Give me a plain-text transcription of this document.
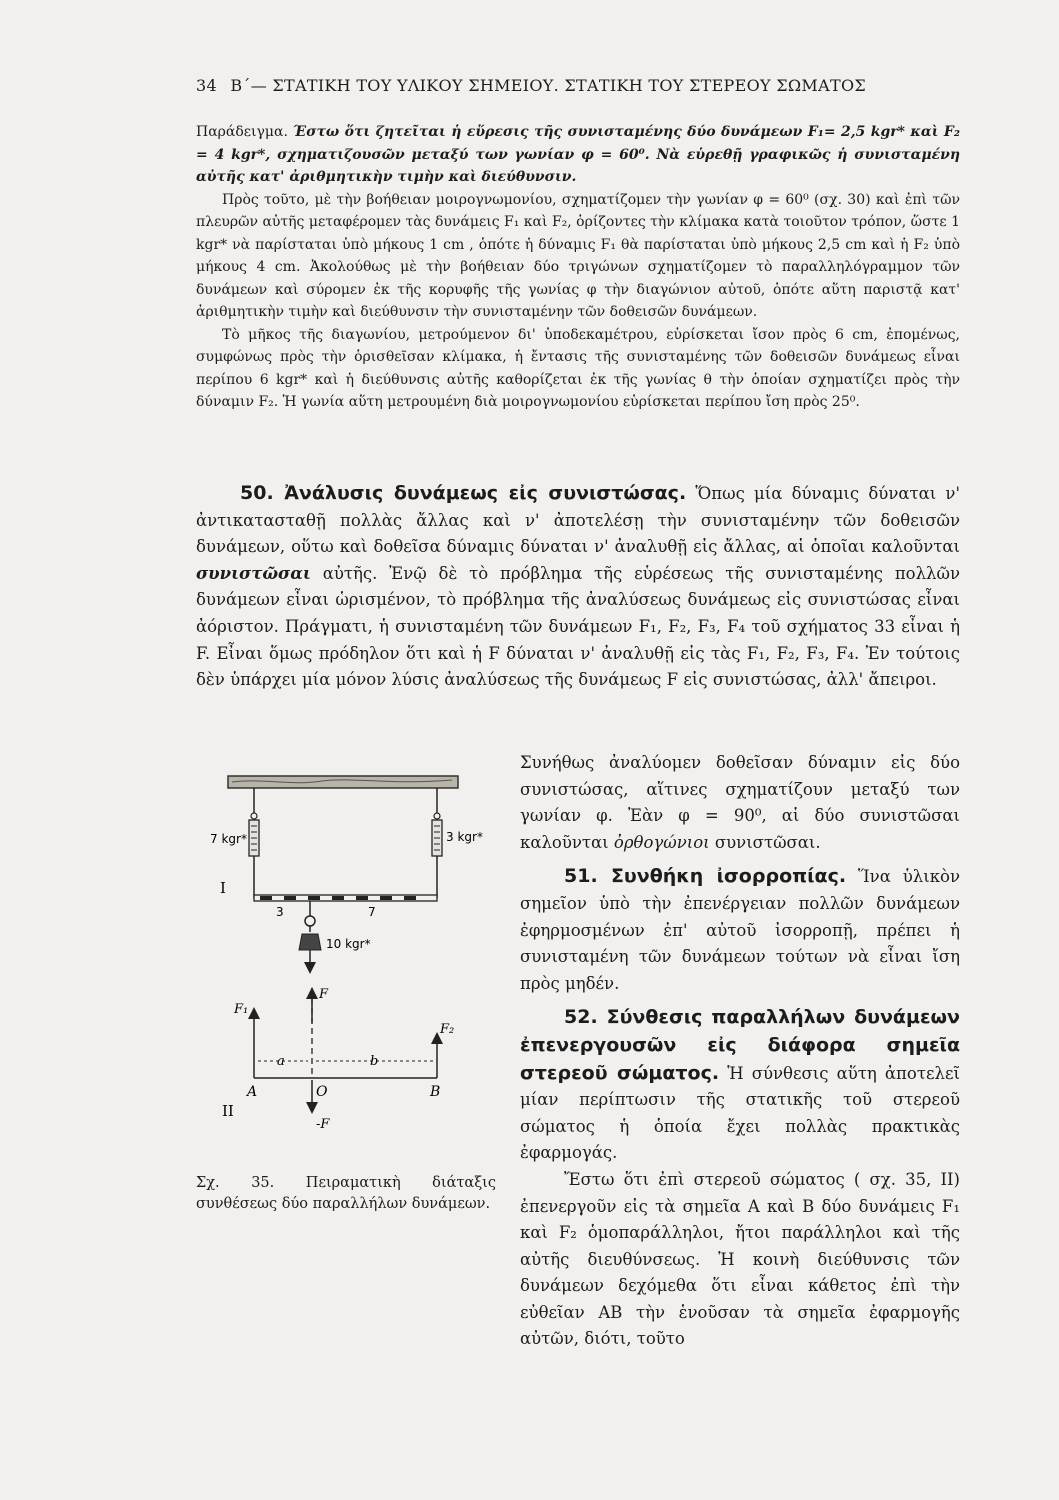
34 Β΄— ΣΤΑΤΙΚΗ ΤΟΥ ΥΛΙΚΟΥ ΣΗΜΕΙΟΥ. ΣΤΑΤΙΚΗ ΤΟΥ ΣΤΕΡΕΟΥ ΣΩΜΑΤΟΣ

Παράδειγμα. Έστω ὅτι ζητεῖται ἡ εὕρεσις τῆς συνισταμένης δύο δυνάμεων F₁= 2,5 kgr* καὶ F₂ = 4 kgr*, σχηματιζουσῶν μεταξύ των γωνίαν φ = 60⁰. Νὰ εὑρεθῇ γραφικῶς ἡ συνισταμένη αὐτῆς κατ' ἀριθμητικὴν τιμὴν καὶ διεύθυνσιν.

Πρὸς τοῦτο, μὲ τὴν βοήθειαν μοιρογνωμονίου, σχηματίζομεν τὴν γωνίαν φ = 60⁰ (σχ. 30) καὶ ἐπὶ τῶν πλευρῶν αὐτῆς μεταφέρομεν τὰς δυνάμεις F₁ καὶ F₂, ὁρίζοντες τὴν κλίμακα κατὰ τοιοῦτον τρόπον, ὥστε 1 kgr* νὰ παρίσταται ὑπὸ μήκους 1 cm , ὁπότε ἡ δύναμις F₁ θὰ παρίσταται ὑπὸ μήκους 2,5 cm καὶ ἡ F₂ ὑπὸ μήκους 4 cm. Ἀκολούθως μὲ τὴν βοήθειαν δύο τριγώνων σχηματίζομεν τὸ παραλληλόγραμμον τῶν δυνάμεων καὶ σύρομεν ἐκ τῆς κορυφῆς τῆς γωνίας φ τὴν διαγώνιον αὐτοῦ, ὁπότε αὕτη παριστᾷ κατ' ἀριθμητικὴν τιμὴν καὶ διεύθυνσιν τὴν συνισταμένην τῶν δοθεισῶν δυνάμεων.

Τὸ μῆκος τῆς διαγωνίου, μετρούμενον δι' ὑποδεκαμέτρου, εὑρίσκεται ἴσον πρὸς 6 cm, ἐπομένως, συμφώνως πρὸς τὴν ὁρισθεῖσαν κλίμακα, ἡ ἔντασις τῆς συνισταμένης τῶν δοθεισῶν δυνάμεως εἶναι περίπου 6 kgr* καὶ ἡ διεύθυνσις αὐτῆς καθορίζεται ἐκ τῆς γωνίας θ τὴν ὁποίαν σχηματίζει πρὸς τὴν δύναμιν F₂. Ἡ γωνία αὕτη μετρουμένη διὰ μοιρογνωμονίου εὑρίσκεται περίπου ἴση πρὸς 25⁰.

50. Ἀνάλυσις δυνάμεως εἰς συνιστώσας. Ὅπως μία δύναμις δύναται ν' ἀντικατασταθῇ πολλὰς ἄλλας καὶ ν' ἀποτελέσῃ τὴν συνισταμένην τῶν δοθεισῶν δυνάμεων, οὕτω καὶ δοθεῖσα δύναμις δύναται ν' ἀναλυθῇ εἰς ἄλλας, αἱ ὁποῖαι καλοῦνται συνιστῶσαι αὐτῆς. Ἐνῷ δὲ τὸ πρόβλημα τῆς εὑρέσεως τῆς συνισταμένης πολλῶν δυνάμεων εἶναι ὡρισμένον, τὸ πρόβλημα τῆς ἀναλύσεως δυνάμεως εἰς συνιστώσας εἶναι ἀόριστον. Πράγματι, ἡ συνισταμένη τῶν δυνάμεων F₁, F₂, F₃, F₄ τοῦ σχήματος 33 εἶναι ἡ F. Εἶναι ὅμως πρόδηλον ὅτι καὶ ἡ F δύναται ν' ἀναλυθῇ εἰς τὰς F₁, F₂, F₃, F₄. Ἐν τούτοις δὲν ὑπάρχει μία μόνον λύσις ἀναλύσεως τῆς δυνάμεως F εἰς συνιστώσας, ἀλλ' ἄπειροι.

Συνήθως ἀναλύομεν δοθεῖσαν δύναμιν εἰς δύο συνιστώσας, αἵτινες σχηματίζουν μεταξύ των γωνίαν φ. Ἐὰν φ = 90⁰, αἱ δύο συνιστῶσαι καλοῦνται ὀρθογώνιοι συνιστῶσαι.

51. Συνθήκη ἰσορροπίας. Ἵνα ὑλικὸν σημεῖον ὑπὸ τὴν ἐπενέργειαν πολλῶν δυνάμεων ἐφηρμοσμένων ἐπ' αὐτοῦ ἰσορροπῇ, πρέπει ἡ συνισταμένη τῶν δυνάμεων τούτων νὰ εἶναι ἴση πρὸς μηδέν.

52. Σύνθεσις παραλλήλων δυνάμεων ἐπενεργουσῶν εἰς διάφορα σημεῖα στερεοῦ σώματος. Ἡ σύνθεσις αὕτη ἀποτελεῖ μίαν περίπτωσιν τῆς στατικῆς τοῦ στερεοῦ σώματος ἡ ὁποία ἔχει πολλὰς πρακτικὰς ἐφαρμογάς.

Ἔστω ὅτι ἐπὶ στερεοῦ σώματος ( σχ. 35, II) ἐπενεργοῦν εἰς τὰ σημεῖα A καὶ B δύο δυνάμεις F₁ καὶ F₂ ὁμοπαράλληλοι, ἤτοι παράλληλοι καὶ τῆς αὐτῆς διευθύνσεως. Ἡ κοινὴ διεύθυνσις τῶν δυνάμεων δεχόμεθα ὅτι εἶναι κάθετος ἐπὶ τὴν εὐθεῖαν AB τὴν ἑνοῦσαν τὰ σημεῖα ἐφαρμογῆς αὐτῶν, διότι, τοῦτο

7 kgr*	3 kgr*
I
3	7
10 kgr*
F
F₁
F₂
a	b
A	O	B
-F
II
Σχ. 35. Πειραματικὴ διάταξις συνθέσεως δύο παραλλήλων δυνάμεων.
